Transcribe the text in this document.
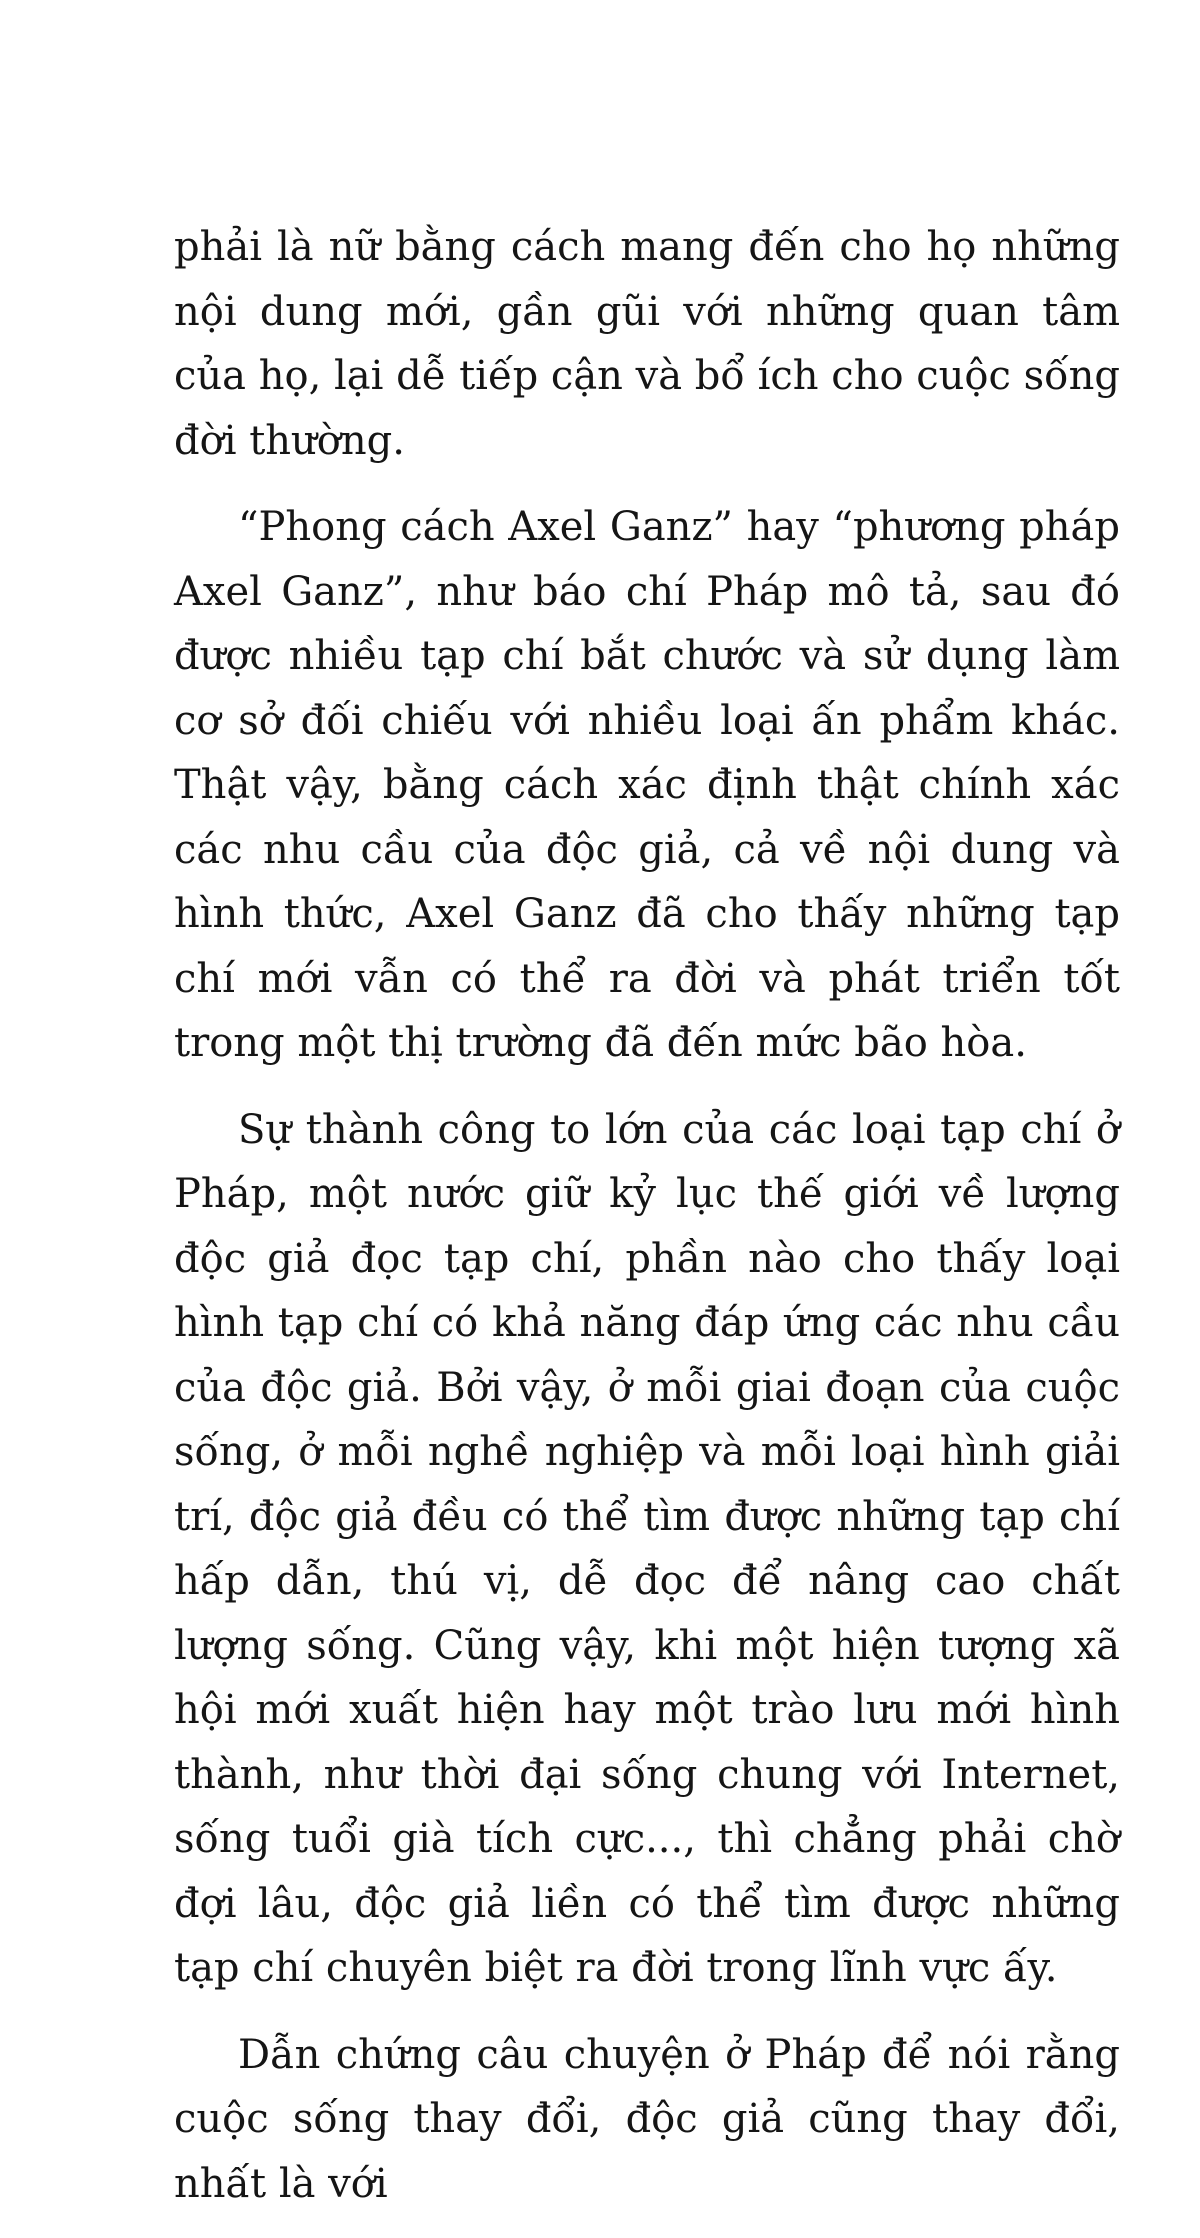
phải là nữ bằng cách mang đến cho họ những nội dung mới, gần gũi với những quan tâm của họ, lại dễ tiếp cận và bổ ích cho cuộc sống đời thường.

“Phong cách Axel Ganz” hay “phương pháp Axel Ganz”, như báo chí Pháp mô tả, sau đó được nhiều tạp chí bắt chước và sử dụng làm cơ sở đối chiếu với nhiều loại ấn phẩm khác. Thật vậy, bằng cách xác định thật chính xác các nhu cầu của độc giả, cả về nội dung và hình thức, Axel Ganz đã cho thấy những tạp chí mới vẫn có thể ra đời và phát triển tốt trong một thị trường đã đến mức bão hòa.

Sự thành công to lớn của các loại tạp chí ở Pháp, một nước giữ kỷ lục thế giới về lượng độc giả đọc tạp chí, phần nào cho thấy loại hình tạp chí có khả năng đáp ứng các nhu cầu của độc giả. Bởi vậy, ở mỗi giai đoạn của cuộc sống, ở mỗi nghề nghiệp và mỗi loại hình giải trí, độc giả đều có thể tìm được những tạp chí hấp dẫn, thú vị, dễ đọc để nâng cao chất lượng sống. Cũng vậy, khi một hiện tượng xã hội mới xuất hiện hay một trào lưu mới hình thành, như thời đại sống chung với Internet, sống tuổi già tích cực..., thì chẳng phải chờ đợi lâu, độc giả liền có thể tìm được những tạp chí chuyên biệt ra đời trong lĩnh vực ấy.

Dẫn chứng câu chuyện ở Pháp để nói rằng cuộc sống thay đổi, độc giả cũng thay đổi, nhất là với
